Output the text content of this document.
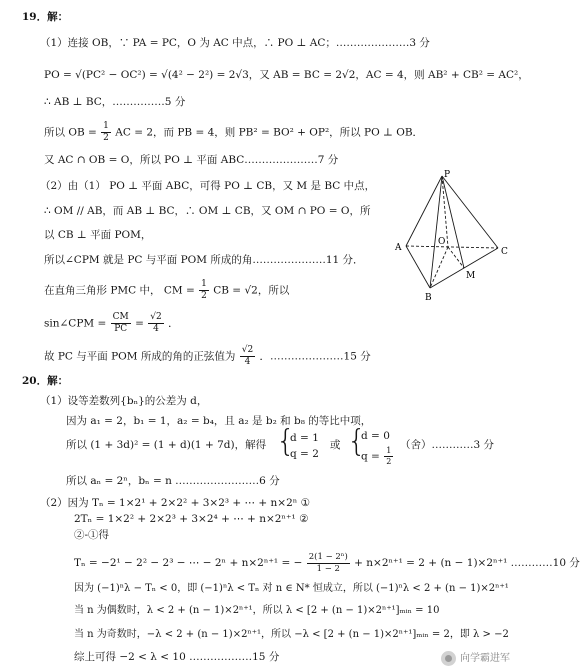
19．解：
（1）连接 OB，∵ PA = PC，O 为 AC 中点，∴ PO ⊥ AC；…………………3 分
PO = √(PC² − OC²) = √(4² − 2²) = 2√3，又 AB = BC = 2√2，AC = 4，则 AB² + CB² = AC²，
∴ AB ⊥ BC，……………5 分
所以 OB = $\frac{1}{2}$ AC = 2，而 PB = 4，则 PB² = BO² + OP²，所以 PO ⊥ OB．
又 AC ∩ OB = O，所以 PO ⊥ 平面 ABC…………………7 分
（2）由（1） PO ⊥ 平面 ABC，可得 PO ⊥ CB，又 M 是 BC 中点，
∴ OM // AB，而 AB ⊥ BC，∴ OM ⊥ CB，又 OM ∩ PO = O，所
以 CB ⊥ 平面 POM，
所以∠CPM 就是 PC 与平面 POM 所成的角…………………11 分．
在直角三角形 PMC 中， CM = $\frac{1}{2}$ CB = √2，所以
sin∠CPM = $\frac{CM}{PC} = \frac{√2}{4}$ ．
故 PC 与平面 POM 所成的角的正弦值为 $\frac{√2}{4}$ ．…………………15 分
P
O
A
B
C
M
20．解：
（1）设等差数列{bₙ}的公差为 d，
因为 a₁ = 2，b₁ = 1，a₂ = b₄，且 a₂ 是 b₂ 和 b₈ 的等比中项，
所以 (1 + 3d)² = (1 + d)(1 + 7d)，解得 {
d = 1
q = 2
或 {
d = 0
$q = \frac{1}{2}$
（舍）…………3 分
所以 aₙ = 2ⁿ，bₙ = n ……………………6 分
（2）因为 Tₙ = 1×2¹ + 2×2² + 3×2³ + ⋯ + n×2ⁿ ①
2Tₙ = 1×2² + 2×2³ + 3×2⁴ + ⋯ + n×2ⁿ⁺¹ ②
②-①得
Tₙ = −2¹ − 2² − 2³ − ⋯ − 2ⁿ + n×2ⁿ⁺¹ = − $\frac{\text{2(1 − 2ⁿ)}}{1 - 2} + n\times 2^{n+1} = 2 + (n - 1)\times 2^{n+1}$ …………10 分
因为 (−1)ⁿλ − Tₙ < 0，即 (−1)ⁿλ < Tₙ 对 n ∈ N* 恒成立，所以 (−1)ⁿλ < 2 + (n − 1)×2ⁿ⁺¹
当 n 为偶数时，λ < 2 + (n − 1)×2ⁿ⁺¹，所以 λ < [2 + (n − 1)×2ⁿ⁺¹]ₘᵢₙ = 10
当 n 为奇数时，−λ < 2 + (n − 1)×2ⁿ⁺¹，所以 −λ < [2 + (n − 1)×2ⁿ⁺¹]ₘᵢₙ = 2，即 λ > −2
综上可得 −2 < λ < 10 ………………15 分	向学霸进军
